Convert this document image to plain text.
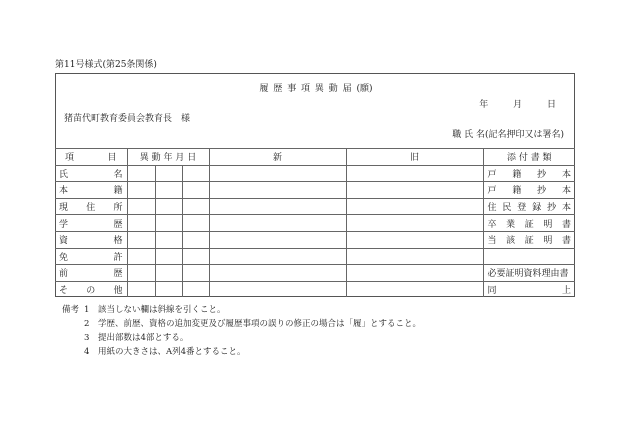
第11号様式(第25条関係)
履 歴 事 項 異 動 届 (願)
年	月	日
猪苗代町教育委員会教育長　様
職 氏 名(記名押印又は署名)
項 目	異 動 年 月 日			新	旧	添 付 書 類

氏 名						戸 籍 抄 本

本 籍						戸 籍 抄 本

現 住 所						住 民 登 録 抄 本

学 歴						卒 業 証 明 書

資 格						当 該 証 明 書

免 許						

前 歴						必要証明資料理由書

そ の 他						同 上
備考 1	該当しない欄は斜線を引くこと。
2	学歴、前歴、資格の追加変更及び履歴事項の誤りの修正の場合は「履」とすること。
3	提出部数は4部とする。
4	用紙の大きさは、A列4番とすること。
